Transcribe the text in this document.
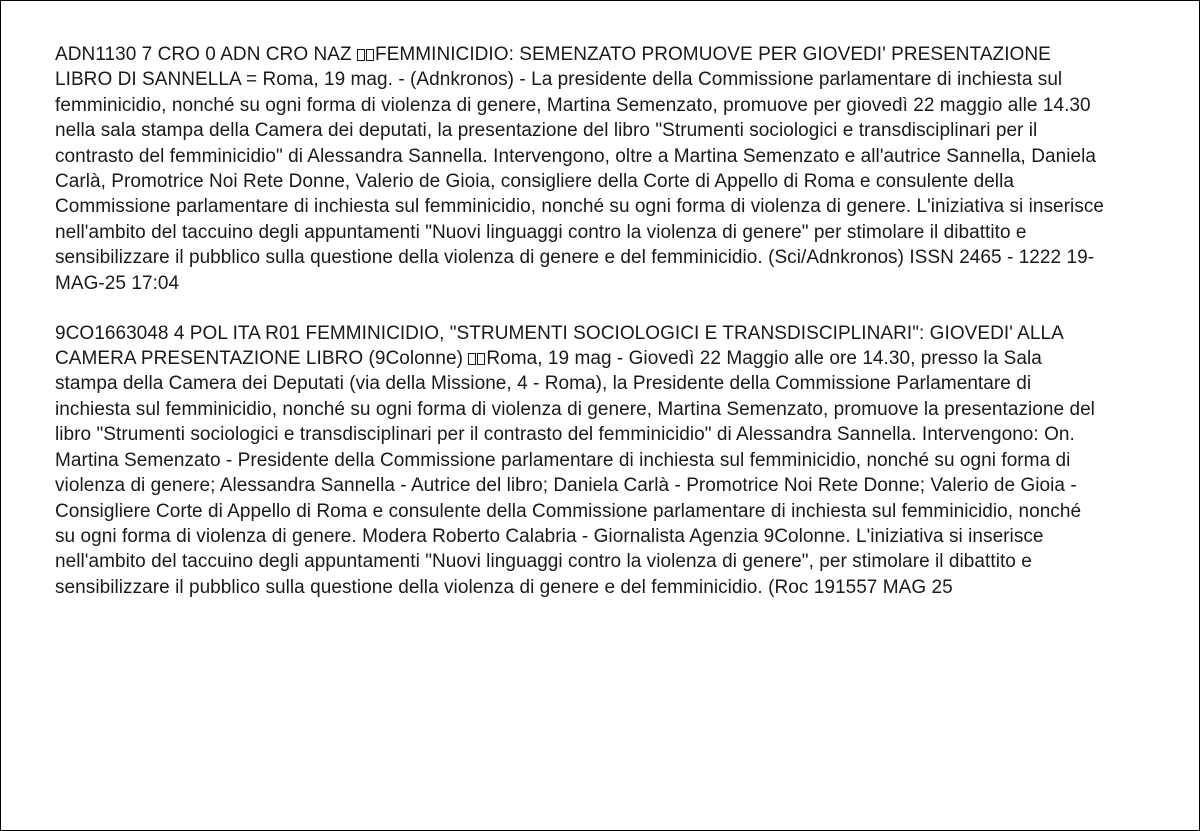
ADN1130 7 CRO 0 ADN CRO NAZ FEMMINICIDIO: SEMENZATO PROMUOVE PER GIOVEDI' PRESENTAZIONE LIBRO DI SANNELLA = Roma, 19 mag. - (Adnkronos) - La presidente della Commissione parlamentare di inchiesta sul femminicidio, nonché su ogni forma di violenza di genere, Martina Semenzato, promuove per giovedì 22 maggio alle 14.30 nella sala stampa della Camera dei deputati, la presentazione del libro "Strumenti sociologici e transdisciplinari per il contrasto del femminicidio" di Alessandra Sannella. Intervengono, oltre a Martina Semenzato e all'autrice Sannella, Daniela Carlà, Promotrice Noi Rete Donne, Valerio de Gioia, consigliere della Corte di Appello di Roma e consulente della Commissione parlamentare di inchiesta sul femminicidio, nonché su ogni forma di violenza di genere. L'iniziativa si inserisce nell'ambito del taccuino degli appuntamenti "Nuovi linguaggi contro la violenza di genere" per stimolare il dibattito e sensibilizzare il pubblico sulla questione della violenza di genere e del femminicidio. (Sci/Adnkronos) ISSN 2465 - 1222 19-MAG-25 17:04

9CO1663048 4 POL ITA R01 FEMMINICIDIO, "STRUMENTI SOCIOLOGICI E TRANSDISCIPLINARI": GIOVEDI' ALLA CAMERA PRESENTAZIONE LIBRO (9Colonne) Roma, 19 mag - Giovedì 22 Maggio alle ore 14.30, presso la Sala stampa della Camera dei Deputati (via della Missione, 4 - Roma), la Presidente della Commissione Parlamentare di inchiesta sul femminicidio, nonché su ogni forma di violenza di genere, Martina Semenzato, promuove la presentazione del libro "Strumenti sociologici e transdisciplinari per il contrasto del femminicidio" di Alessandra Sannella. Intervengono: On. Martina Semenzato - Presidente della Commissione parlamentare di inchiesta sul femminicidio, nonché su ogni forma di violenza di genere; Alessandra Sannella - Autrice del libro; Daniela Carlà - Promotrice Noi Rete Donne; Valerio de Gioia - Consigliere Corte di Appello di Roma e consulente della Commissione parlamentare di inchiesta sul femminicidio, nonché su ogni forma di violenza di genere. Modera Roberto Calabria - Giornalista Agenzia 9Colonne. L'iniziativa si inserisce nell'ambito del taccuino degli appuntamenti "Nuovi linguaggi contro la violenza di genere", per stimolare il dibattito e sensibilizzare il pubblico sulla questione della violenza di genere e del femminicidio. (Roc 191557 MAG 25
